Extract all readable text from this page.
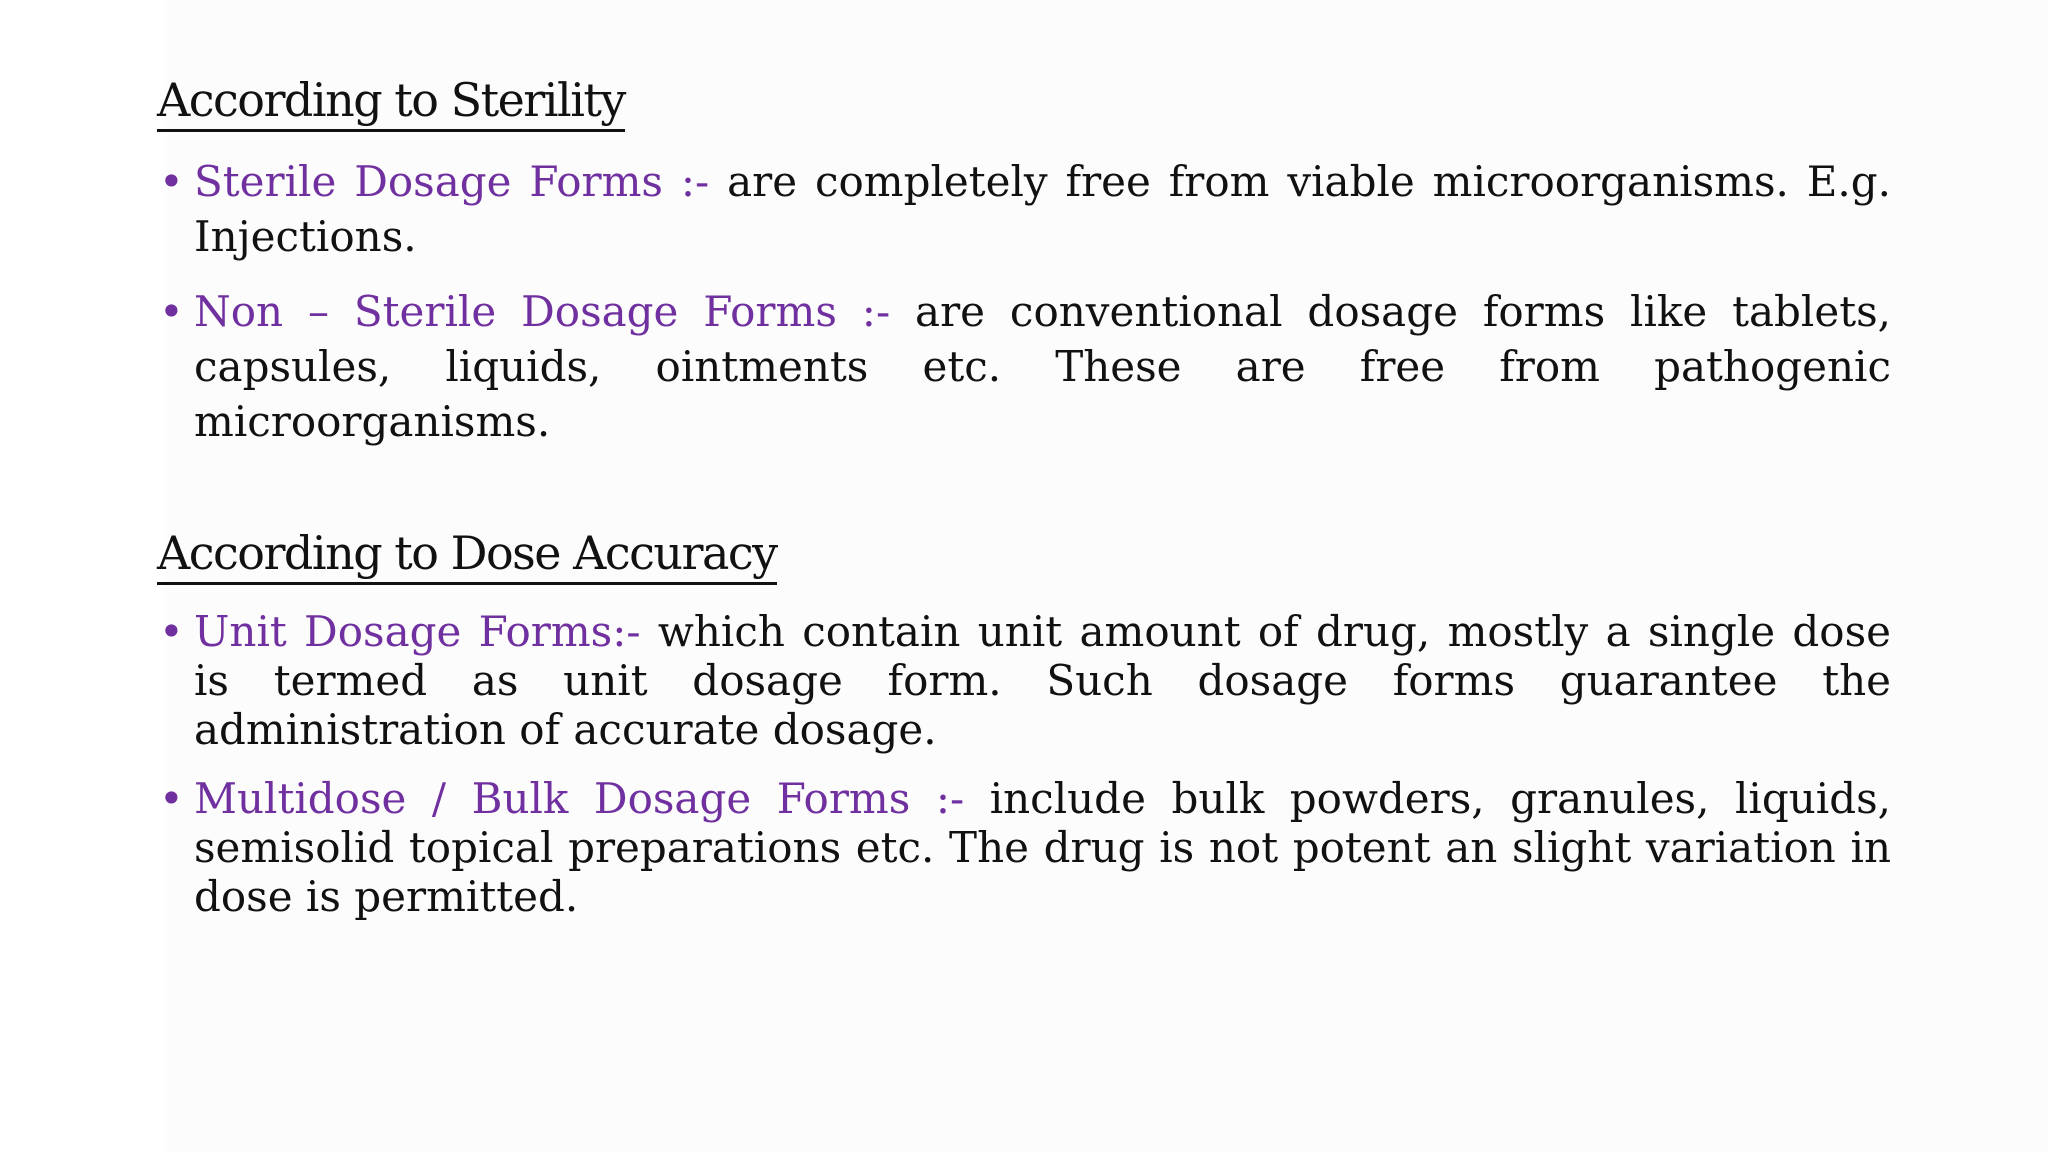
According to Sterility
• Sterile Dosage Forms :- are completely free from viable microorganisms. E.g. Injections.
• Non – Sterile Dosage Forms :- are conventional dosage forms like tablets, capsules, liquids, ointments etc. These are free from pathogenic microorganisms.
According to Dose Accuracy
• Unit Dosage Forms:- which contain unit amount of drug, mostly a single dose is termed as unit dosage form. Such dosage forms guarantee the administration of accurate dosage.
• Multidose / Bulk Dosage Forms :- include bulk powders, granules, liquids, semisolid topical preparations etc. The drug is not potent an slight variation in dose is permitted.
